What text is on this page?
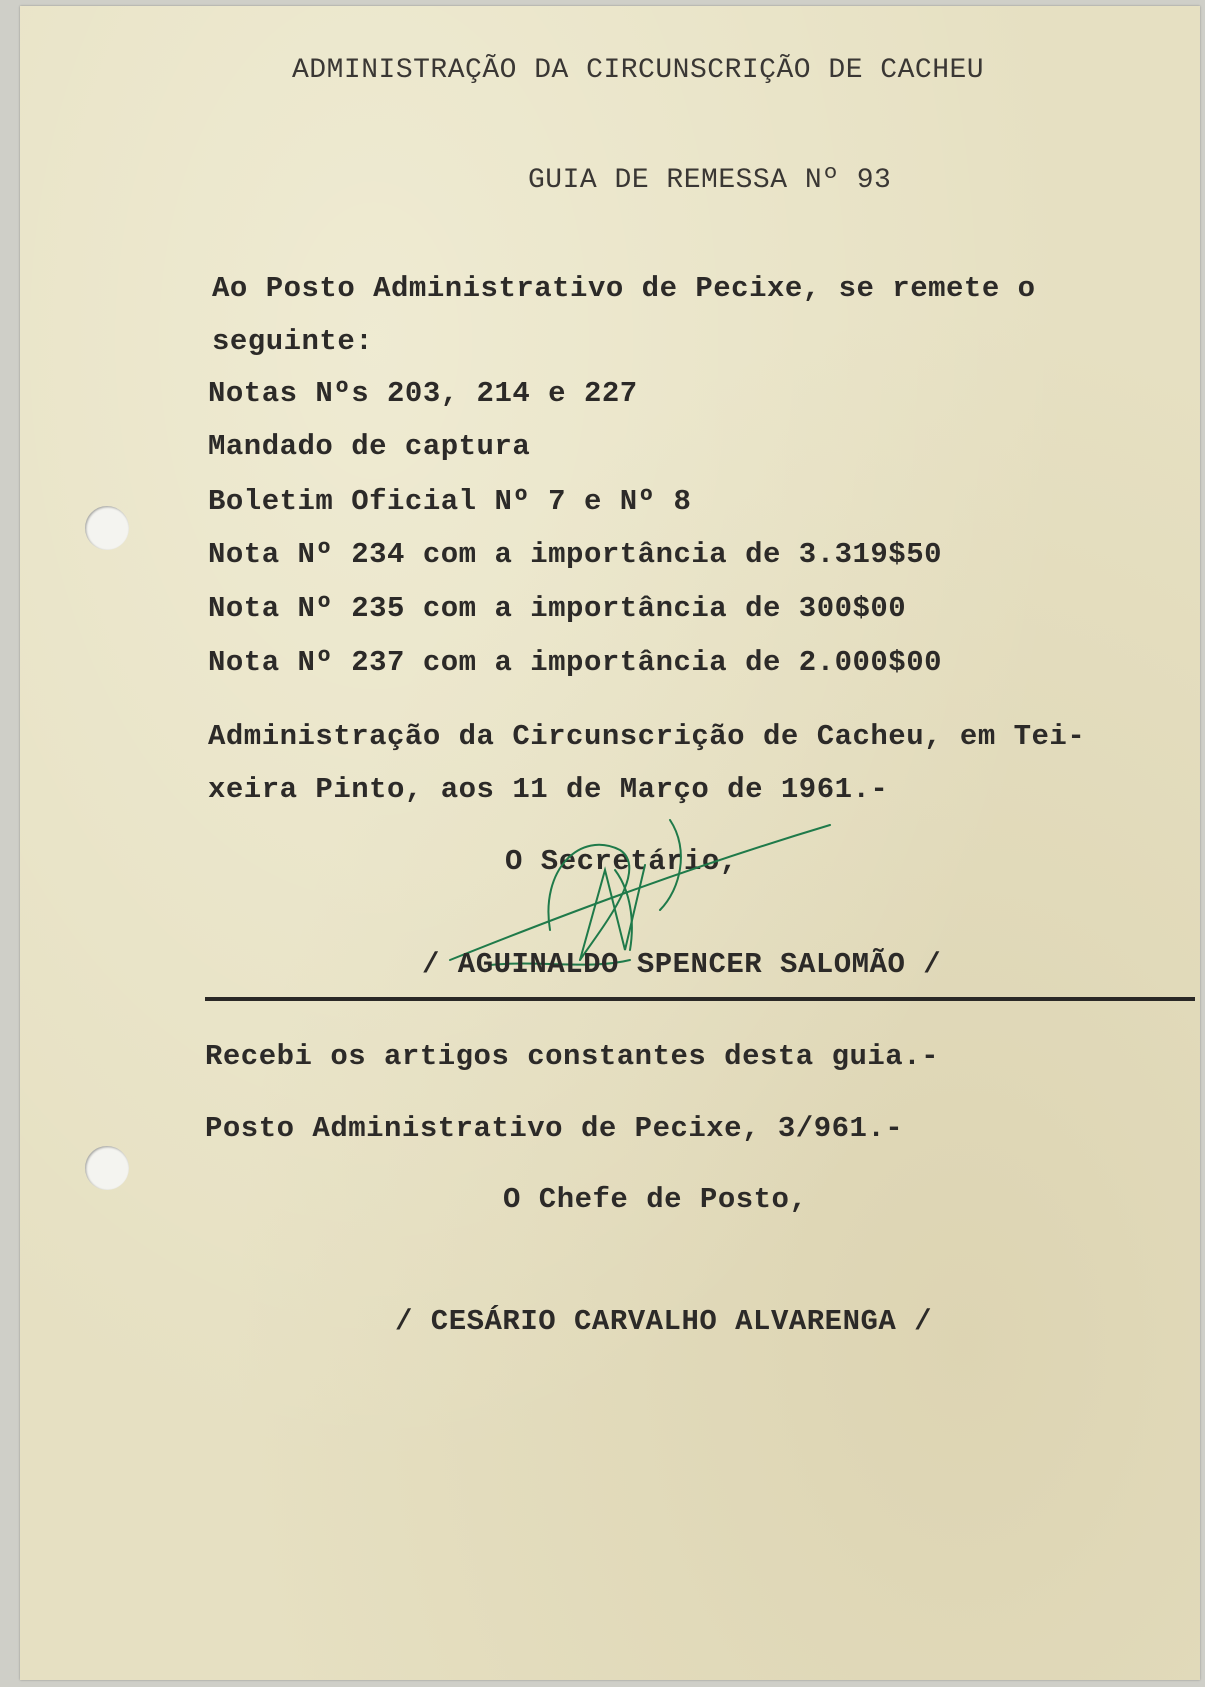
ADMINISTRAÇÃO DA CIRCUNSCRIÇÃO DE CACHEU
GUIA DE REMESSA Nº 93
Ao Posto Administrativo de Pecixe, se remete o
seguinte:
Notas Nºs 203, 214 e 227
Mandado de captura
Boletim Oficial Nº 7 e Nº 8
Nota Nº 234 com a importância de 3.319$50
Nota Nº 235 com a importância de 300$00
Nota Nº 237 com a importância de 2.000$00
Administração da Circunscrição de Cacheu, em Tei-
xeira Pinto, aos 11 de Março de 1961.-
O Secretário,
/ AGUINALDO SPENCER SALOMÃO /
Recebi os artigos constantes desta guia.-
Posto Administrativo de Pecixe, 3/961.-
O Chefe de Posto,
/ CESÁRIO CARVALHO ALVARENGA /
